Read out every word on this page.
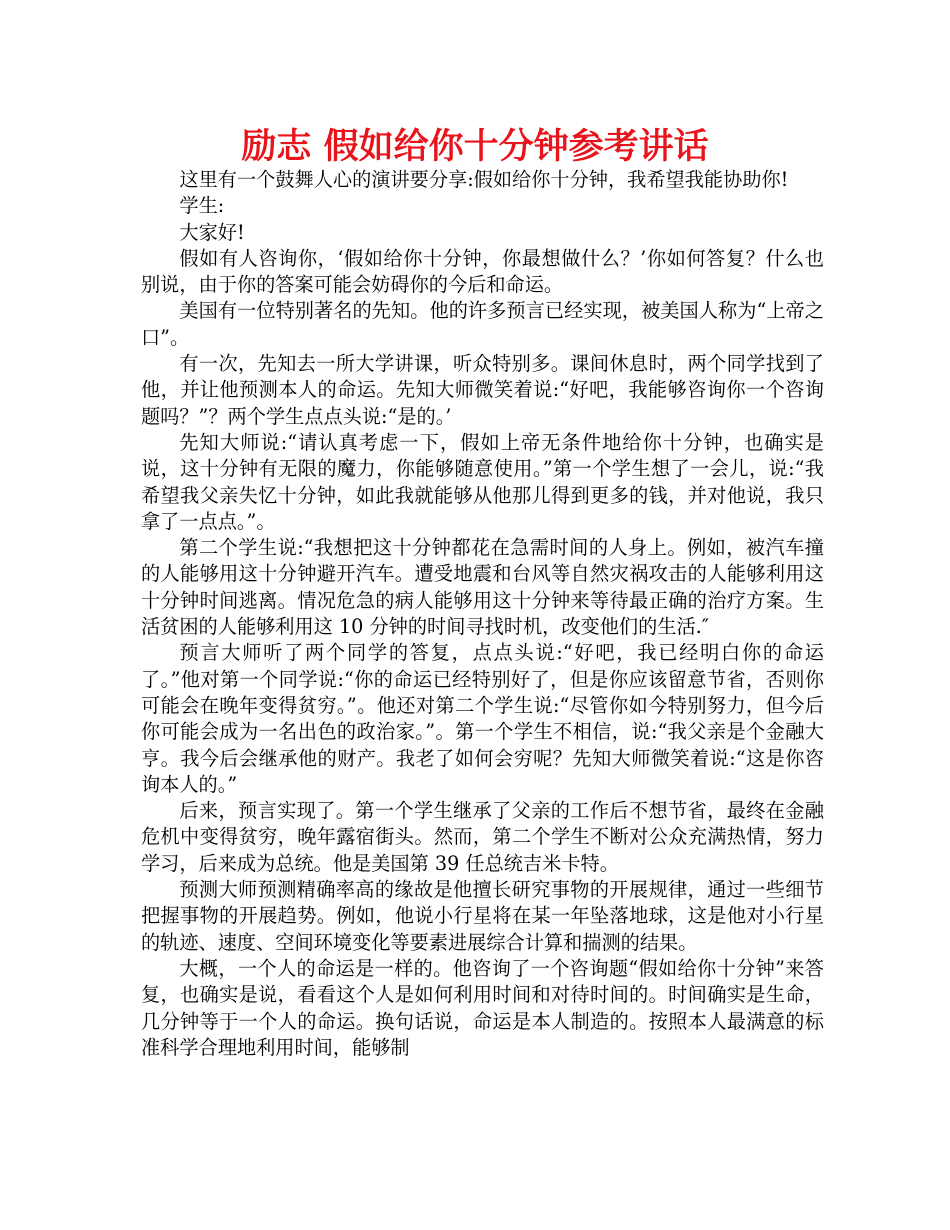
励志 假如给你十分钟参考讲话

这里有一个鼓舞人心的演讲要分享:假如给你十分钟，我希望我能协助你!

学生:

大家好!

假如有人咨询你，‘假如给你十分钟，你最想做什么？’你如何答复？什么也别说，由于你的答案可能会妨碍你的今后和命运。

美国有一位特别著名的先知。他的许多预言已经实现，被美国人称为“上帝之口”。

有一次，先知去一所大学讲课，听众特别多。课间休息时，两个同学找到了他，并让他预测本人的命运。先知大师微笑着说:“好吧，我能够咨询你一个咨询题吗？”？两个学生点点头说:“是的。’

先知大师说:“请认真考虑一下，假如上帝无条件地给你十分钟，也确实是说，这十分钟有无限的魔力，你能够随意使用。”第一个学生想了一会儿，说:“我希望我父亲失忆十分钟，如此我就能够从他那儿得到更多的钱，并对他说，我只拿了一点点。”。

第二个学生说:“我想把这十分钟都花在急需时间的人身上。例如，被汽车撞的人能够用这十分钟避开汽车。遭受地震和台风等自然灾祸攻击的人能够利用这十分钟时间逃离。情况危急的病人能够用这十分钟来等待最正确的治疗方案。生活贫困的人能够利用这 10 分钟的时间寻找时机，改变他们的生活.″

预言大师听了两个同学的答复，点点头说:“好吧，我已经明白你的命运了。”他对第一个同学说:“你的命运已经特别好了，但是你应该留意节省，否则你可能会在晚年变得贫穷。”。他还对第二个学生说:“尽管你如今特别努力，但今后你可能会成为一名出色的政治家。”。第一个学生不相信，说:“我父亲是个金融大亨。我今后会继承他的财产。我老了如何会穷呢？先知大师微笑着说:“这是你咨询本人的。”

后来，预言实现了。第一个学生继承了父亲的工作后不想节省，最终在金融危机中变得贫穷，晚年露宿街头。然而，第二个学生不断对公众充满热情，努力学习，后来成为总统。他是美国第 39 任总统吉米卡特。

预测大师预测精确率高的缘故是他擅长研究事物的开展规律，通过一些细节把握事物的开展趋势。例如，他说小行星将在某一年坠落地球，这是他对小行星的轨迹、速度、空间环境变化等要素进展综合计算和揣测的结果。

大概，一个人的命运是一样的。他咨询了一个咨询题“假如给你十分钟”来答复，也确实是说，看看这个人是如何利用时间和对待时间的。时间确实是生命，几分钟等于一个人的命运。换句话说，命运是本人制造的。按照本人最满意的标准科学合理地利用时间，能够制
